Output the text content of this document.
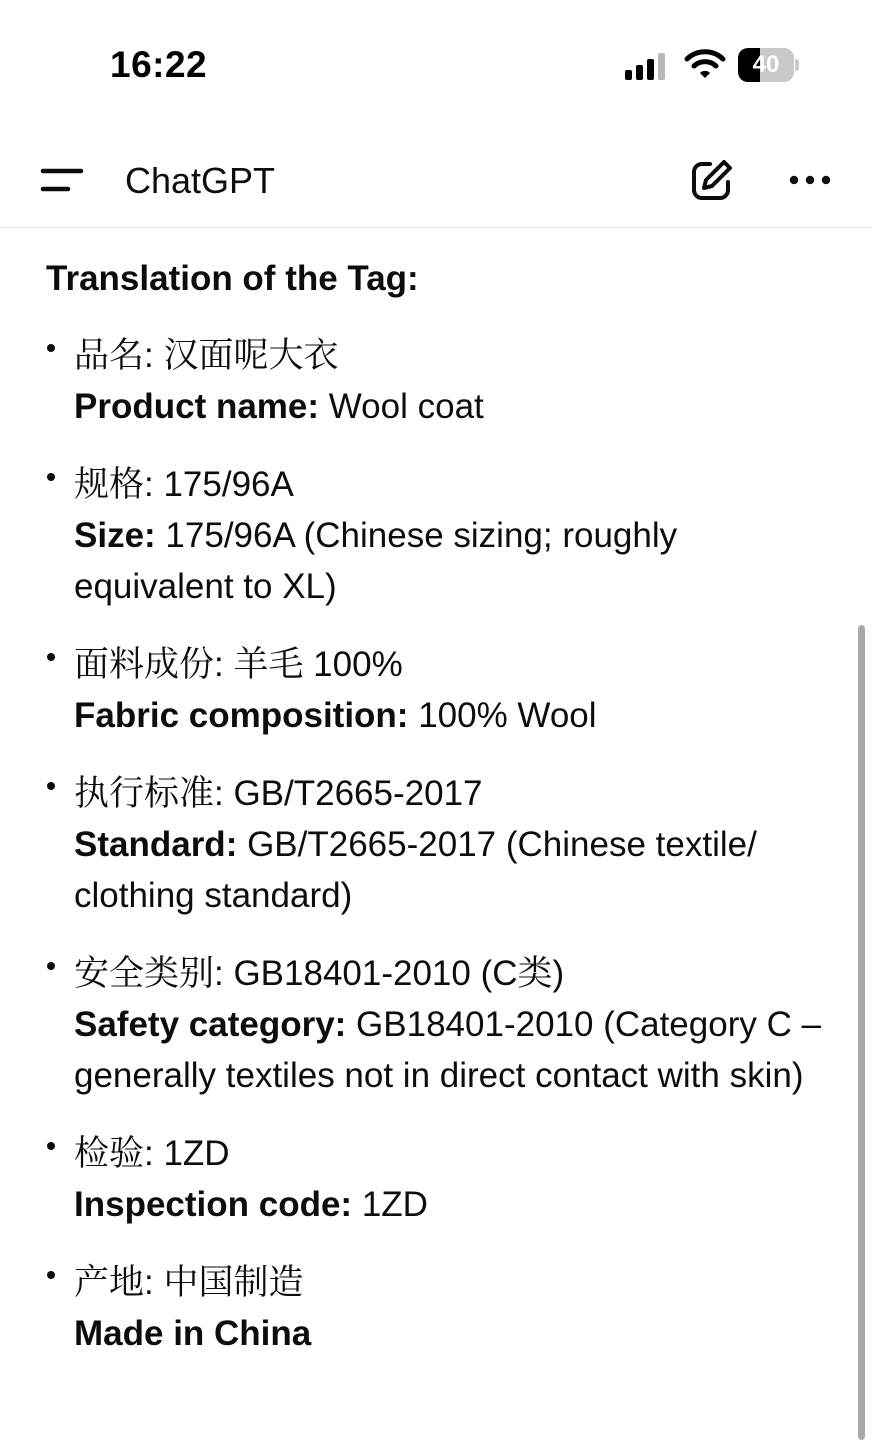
16:22	40
ChatGPT
Translation of the Tag:
品名: 汉面呢大衣
Product name: Wool coat
规格: 175/96A
Size: 175/96A (Chinese sizing; roughly equivalent to XL)
面料成份: 羊毛 100%
Fabric composition: 100% Wool
执行标准: GB/T2665-2017
Standard: GB/T2665-2017 (Chinese textile/ clothing standard)
安全类别: GB18401-2010 (C类)
Safety category: GB18401-2010 (Category C – generally textiles not in direct contact with skin)
检验: 1ZD
Inspection code: 1ZD
产地: 中国制造
Made in China
